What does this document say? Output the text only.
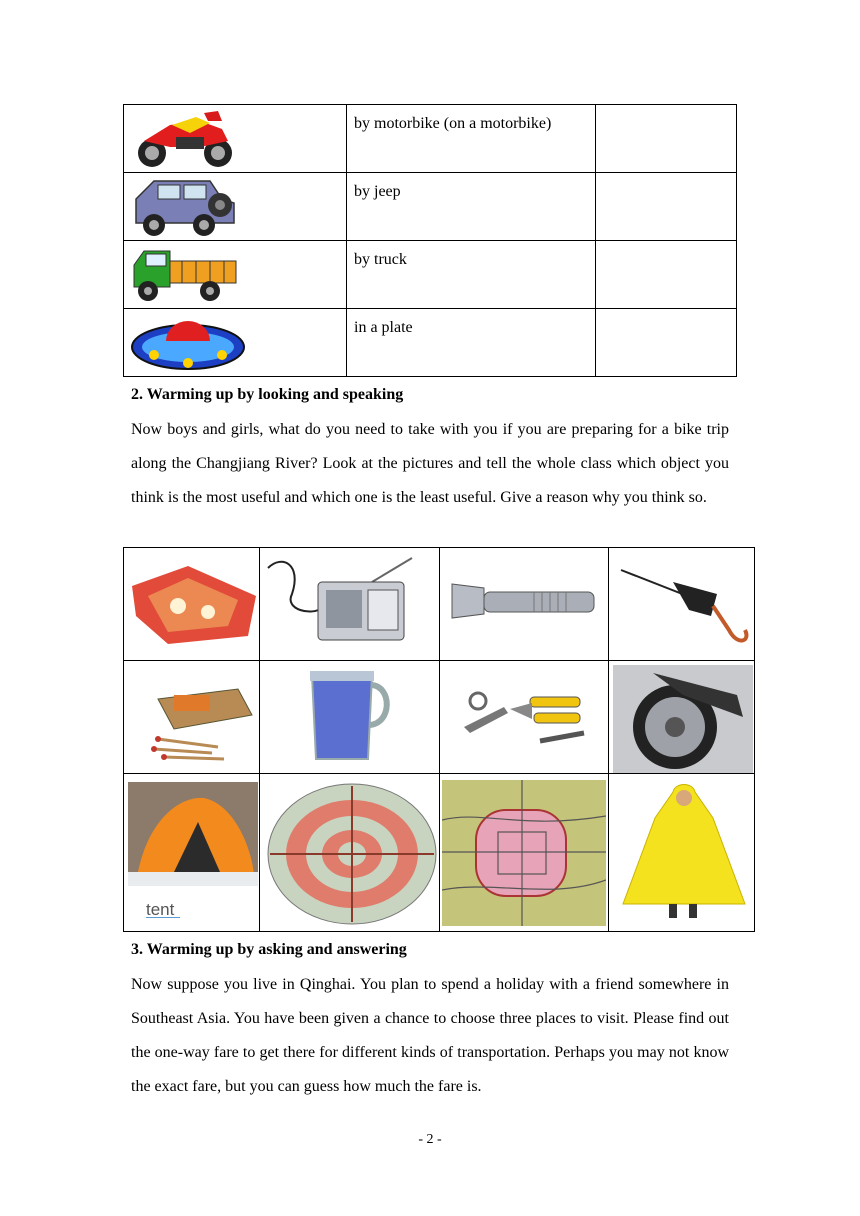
	by motorbike (on a motorbike)	

	by jeep	

	by truck	

	in a plate	
2. Warming up by looking and speaking
Now boys and girls, what do you need to take with you if you are preparing for a bike trip along the Changjiang River? Look at the pictures and tell the whole class which object you think is the most useful and which one is the least useful. Give a reason why you think so.

tent

3. Warming up by asking and answering
Now suppose you live in Qinghai. You plan to spend a holiday with a friend somewhere in Southeast Asia. You have been given a chance to choose three places to visit. Please find out the one-way fare to get there for different kinds of transportation. Perhaps you may not know the exact fare, but you can guess how much the fare is.
- 2 -
